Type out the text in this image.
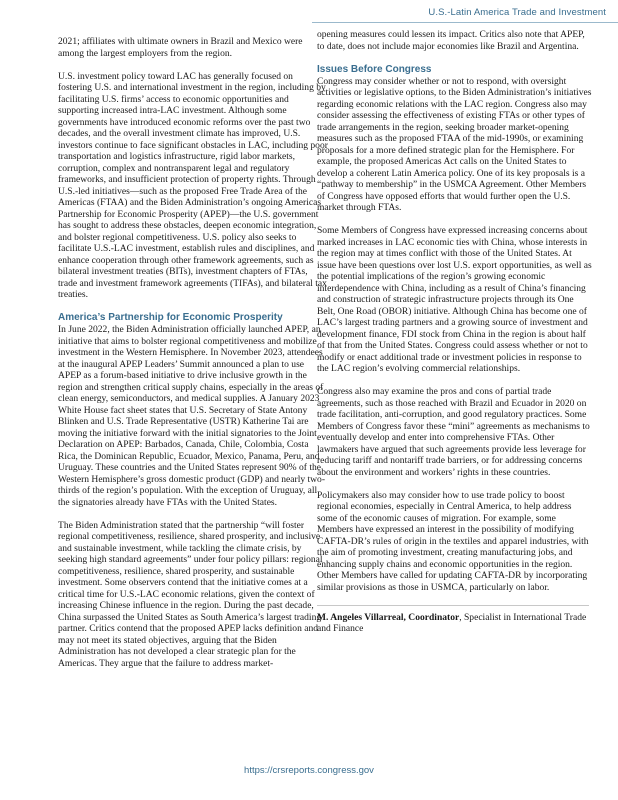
U.S.-Latin America Trade and Investment

2021; affiliates with ultimate owners in Brazil and Mexico were among the largest employers from the region.

U.S. investment policy toward LAC has generally focused on fostering U.S. and international investment in the region, including by facilitating U.S. firms’ access to economic opportunities and supporting increased intra-LAC investment. Although some governments have introduced economic reforms over the past two decades, and the overall investment climate has improved, U.S. investors continue to face significant obstacles in LAC, including poor transportation and logistics infrastructure, rigid labor markets, corruption, complex and nontransparent legal and regulatory frameworks, and insufficient protection of property rights. Through U.S.-led initiatives—such as the proposed Free Trade Area of the Americas (FTAA) and the Biden Administration’s ongoing Americas Partnership for Economic Prosperity (APEP)—the U.S. government has sought to address these obstacles, deepen economic integration, and bolster regional competitiveness. U.S. policy also seeks to facilitate U.S.-LAC investment, establish rules and disciplines, and enhance cooperation through other framework agreements, such as bilateral investment treaties (BITs), investment chapters of FTAs, trade and investment framework agreements (TIFAs), and bilateral tax treaties.

America’s Partnership for Economic Prosperity

In June 2022, the Biden Administration officially launched APEP, an initiative that aims to bolster regional competitiveness and mobilize investment in the Western Hemisphere. In November 2023, attendees at the inaugural APEP Leaders’ Summit announced a plan to use APEP as a forum-based initiative to drive inclusive growth in the region and strengthen critical supply chains, especially in the areas of clean energy, semiconductors, and medical supplies. A January 2023 White House fact sheet states that U.S. Secretary of State Antony Blinken and U.S. Trade Representative (USTR) Katherine Tai are moving the initiative forward with the initial signatories to the Joint Declaration on APEP: Barbados, Canada, Chile, Colombia, Costa Rica, the Dominican Republic, Ecuador, Mexico, Panama, Peru, and Uruguay. These countries and the United States represent 90% of the Western Hemisphere’s gross domestic product (GDP) and nearly two-thirds of the region’s population. With the exception of Uruguay, all the signatories already have FTAs with the United States.

The Biden Administration stated that the partnership “will foster regional competitiveness, resilience, shared prosperity, and inclusive and sustainable investment, while tackling the climate crisis, by seeking high standard agreements” under four policy pillars: regional competitiveness, resilience, shared prosperity, and sustainable investment. Some observers contend that the initiative comes at a critical time for U.S.-LAC economic relations, given the context of increasing Chinese influence in the region. During the past decade, China surpassed the United States as South America’s largest trading partner. Critics contend that the proposed APEP lacks definition and may not meet its stated objectives, arguing that the Biden Administration has not developed a clear strategic plan for the Americas. They argue that the failure to address market-

opening measures could lessen its impact. Critics also note that APEP, to date, does not include major economies like Brazil and Argentina.

Issues Before Congress

Congress may consider whether or not to respond, with oversight activities or legislative options, to the Biden Administration’s initiatives regarding economic relations with the LAC region. Congress also may consider assessing the effectiveness of existing FTAs or other types of trade arrangements in the region, seeking broader market-opening measures such as the proposed FTAA of the mid-1990s, or examining proposals for a more defined strategic plan for the Hemisphere. For example, the proposed Americas Act calls on the United States to develop a coherent Latin America policy. One of its key proposals is a “pathway to membership” in the USMCA Agreement. Other Members of Congress have opposed efforts that would further open the U.S. market through FTAs.

Some Members of Congress have expressed increasing concerns about marked increases in LAC economic ties with China, whose interests in the region may at times conflict with those of the United States. At issue have been questions over lost U.S. export opportunities, as well as the potential implications of the region’s growing economic interdependence with China, including as a result of China’s financing and construction of strategic infrastructure projects through its One Belt, One Road (OBOR) initiative. Although China has become one of LAC’s largest trading partners and a growing source of investment and development finance, FDI stock from China in the region is about half of that from the United States. Congress could assess whether or not to modify or enact additional trade or investment policies in response to the LAC region’s evolving commercial relationships.

Congress also may examine the pros and cons of partial trade agreements, such as those reached with Brazil and Ecuador in 2020 on trade facilitation, anti-corruption, and good regulatory practices. Some Members of Congress favor these “mini” agreements as mechanisms to eventually develop and enter into comprehensive FTAs. Other lawmakers have argued that such agreements provide less leverage for reducing tariff and nontariff trade barriers, or for addressing concerns about the environment and workers’ rights in these countries.

Policymakers also may consider how to use trade policy to boost regional economies, especially in Central America, to help address some of the economic causes of migration. For example, some Members have expressed an interest in the possibility of modifying CAFTA-DR’s rules of origin in the textiles and apparel industries, with the aim of promoting investment, creating manufacturing jobs, and enhancing supply chains and economic opportunities in the region. Other Members have called for updating CAFTA-DR by incorporating similar provisions as those in USMCA, particularly on labor.

M. Angeles Villarreal, Coordinator, Specialist in International Trade and Finance

https://crsreports.congress.gov
